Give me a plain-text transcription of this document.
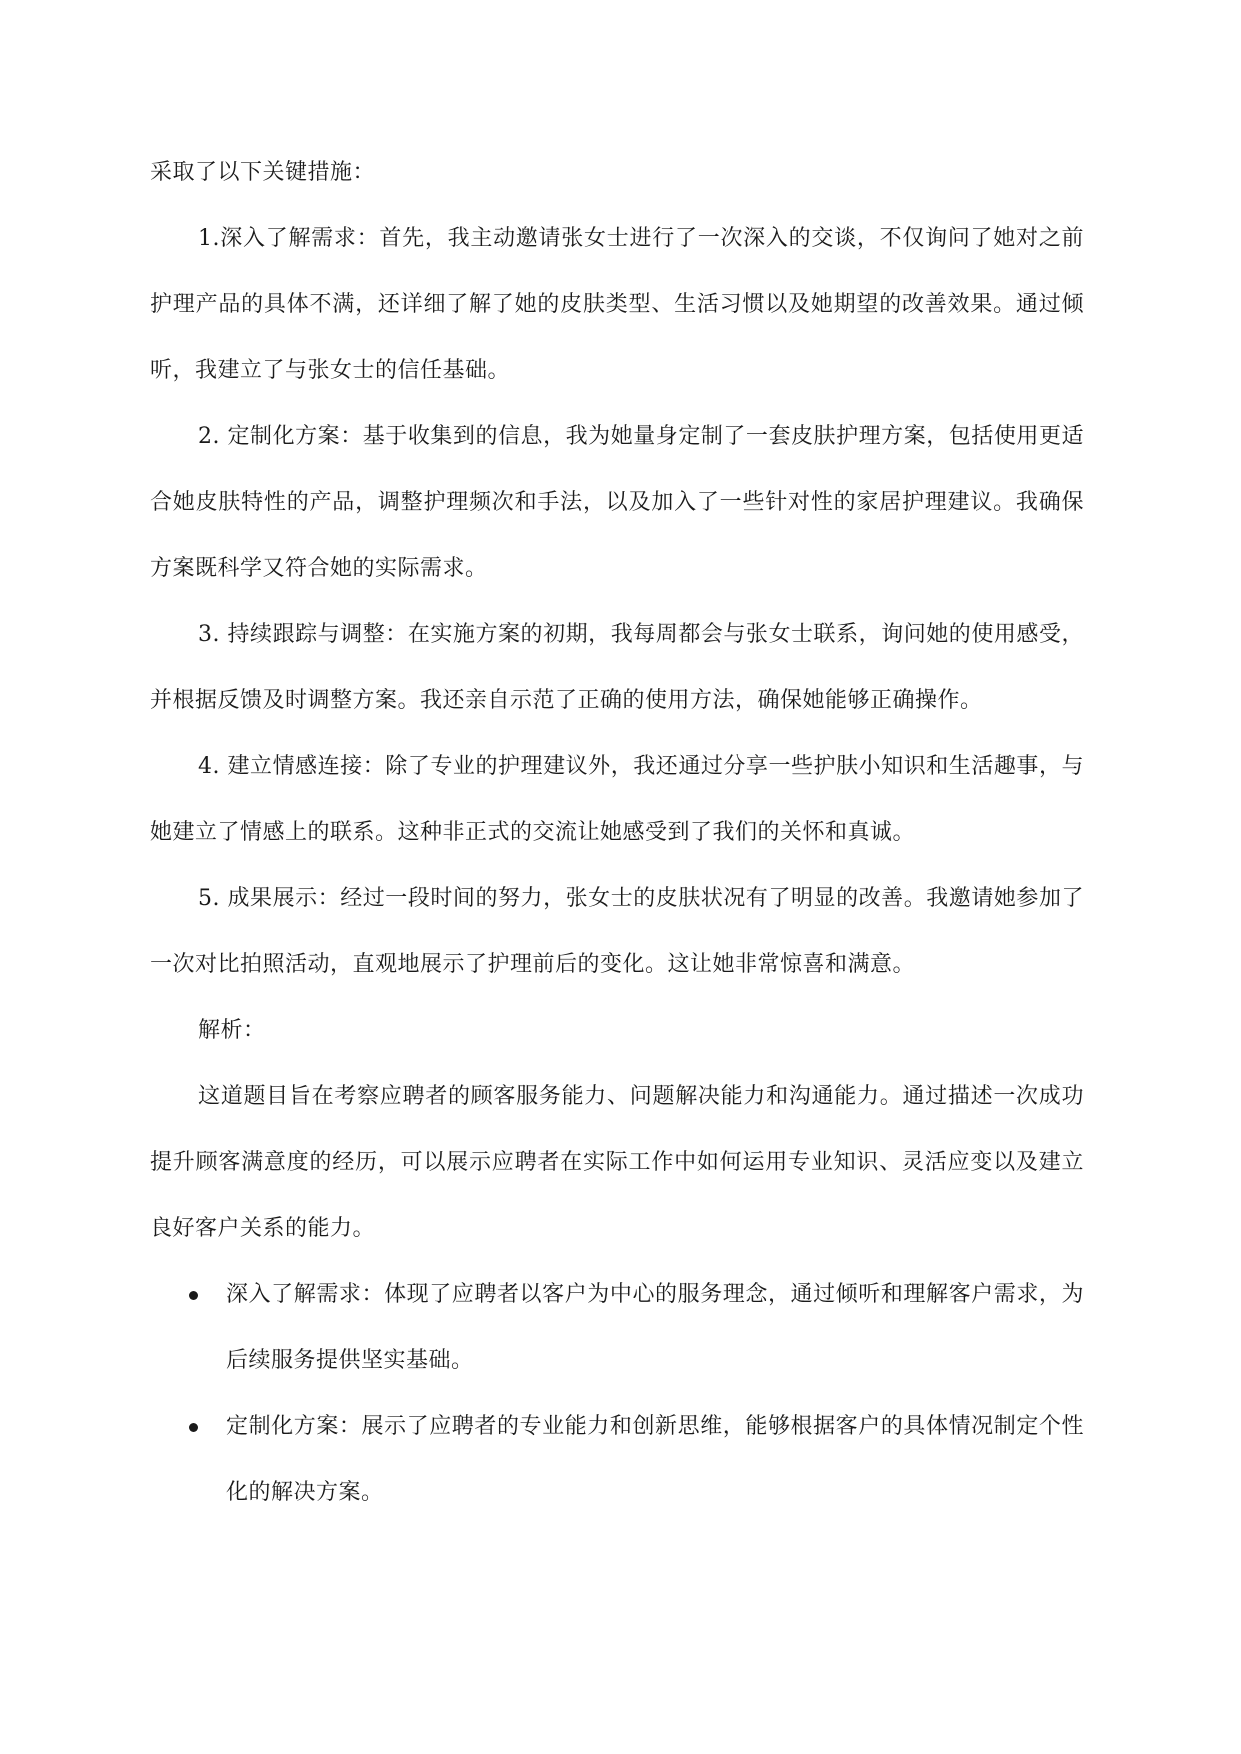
采取了以下关键措施：

1.深入了解需求：首先，我主动邀请张女士进行了一次深入的交谈，不仅询问了她对之前护理产品的具体不满，还详细了解了她的皮肤类型、生活习惯以及她期望的改善效果。通过倾听，我建立了与张女士的信任基础。

2. 定制化方案：基于收集到的信息，我为她量身定制了一套皮肤护理方案，包括使用更适合她皮肤特性的产品，调整护理频次和手法，以及加入了一些针对性的家居护理建议。我确保方案既科学又符合她的实际需求。

3. 持续跟踪与调整：在实施方案的初期，我每周都会与张女士联系，询问她的使用感受，并根据反馈及时调整方案。我还亲自示范了正确的使用方法，确保她能够正确操作。

4. 建立情感连接：除了专业的护理建议外，我还通过分享一些护肤小知识和生活趣事，与她建立了情感上的联系。这种非正式的交流让她感受到了我们的关怀和真诚。

5. 成果展示：经过一段时间的努力，张女士的皮肤状况有了明显的改善。我邀请她参加了一次对比拍照活动，直观地展示了护理前后的变化。这让她非常惊喜和满意。

解析：

这道题目旨在考察应聘者的顾客服务能力、问题解决能力和沟通能力。通过描述一次成功提升顾客满意度的经历，可以展示应聘者在实际工作中如何运用专业知识、灵活应变以及建立良好客户关系的能力。

深入了解需求：体现了应聘者以客户为中心的服务理念，通过倾听和理解客户需求，为后续服务提供坚实基础。
定制化方案：展示了应聘者的专业能力和创新思维，能够根据客户的具体情况制定个性化的解决方案。
